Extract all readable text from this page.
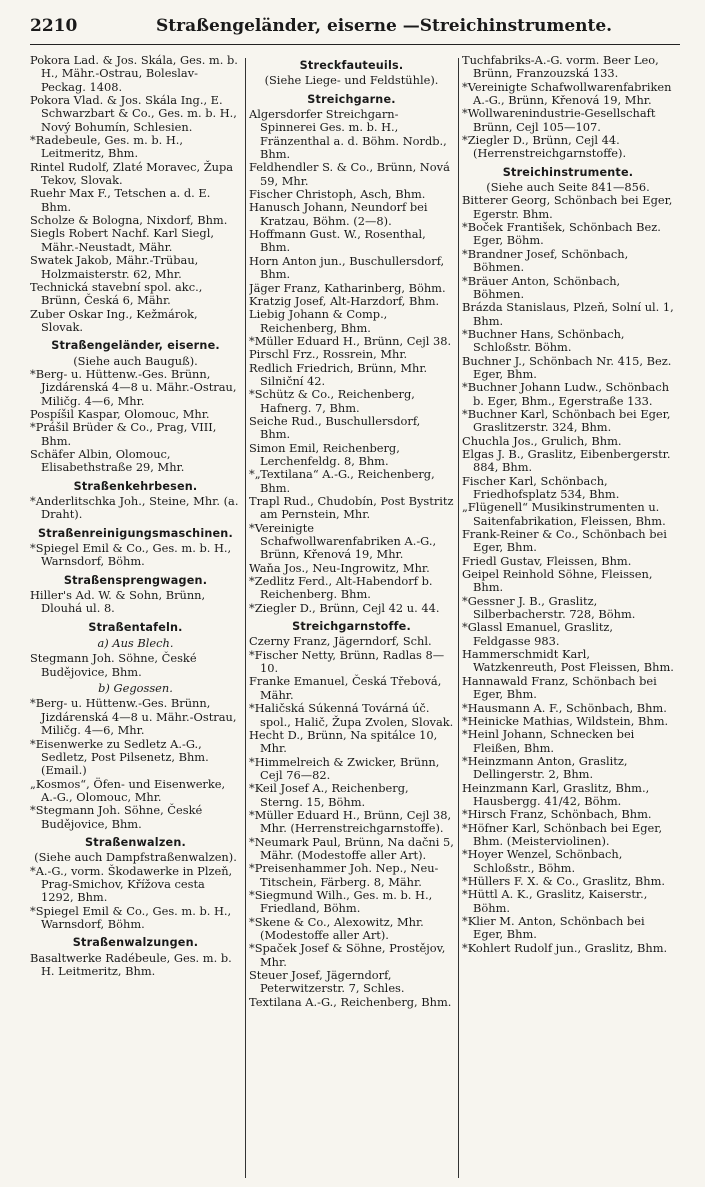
2210	Straßengeländer, eiserne —Streichinstrumente.
Pokora Lad. & Jos. Skála, Ges. m. b. H., Mähr.-Ostrau, Boleslav-Peckag. 1408.
Pokora Vlad. & Jos. Skála Ing., E. Schwarzbart & Co., Ges. m. b. H., Nový Bohumín, Schlesien.
*Radebeule, Ges. m. b. H., Leitmeritz, Bhm.
Rintel Rudolf, Zlaté Moravec, Župa Tekov, Slovak.
Ruehr Max F., Tetschen a. d. E. Bhm.
Scholze & Bologna, Nixdorf, Bhm.
Siegls Robert Nachf. Karl Siegl, Mähr.-Neustadt, Mähr.
Swatek Jakob, Mähr.-Trübau, Holzmaisterstr. 62, Mhr.
Technická stavební spol. akc., Brünn, Česká 6, Mähr.
Zuber Oskar Ing., Kežmárok, Slovak.
Straßengeländer, eiserne.
(Siehe auch Bauguß).
*Berg- u. Hüttenw.-Ges. Brünn, Jizdárenská 4—8 u. Mähr.-Ostrau, Miličg. 4—6, Mhr.
Pospíšil Kaspar, Olomouc, Mhr.
*Prášil Brüder & Co., Prag, VIII, Bhm.
Schäfer Albin, Olomouc, Elisabethstraße 29, Mhr.
Straßenkehrbesen.
*Anderlitschka Joh., Steine, Mhr. (a. Draht).
Straßenreinigungsmaschinen.
*Spiegel Emil & Co., Ges. m. b. H., Warnsdorf, Böhm.
Straßensprengwagen.
Hiller's Ad. W. & Sohn, Brünn, Dlouhá ul. 8.
Straßentafeln.
a) Aus Blech.
Stegmann Joh. Söhne, České Budějovice, Bhm.
b) Gegossen.
*Berg- u. Hüttenw.-Ges. Brünn, Jizdárenská 4—8 u. Mähr.-Ostrau, Miličg. 4—6, Mhr.
*Eisenwerke zu Sedletz A.-G., Sedletz, Post Pilsenetz, Bhm. (Email.)
„Kosmos“, Öfen- und Eisenwerke, A.-G., Olomouc, Mhr.
*Stegmann Joh. Söhne, České Budějovice, Bhm.
Straßenwalzen.
(Siehe auch Dampfstraßenwalzen).
*A.-G., vorm. Škodawerke in Plzeň, Prag-Smichov, Křížova cesta 1292, Bhm.
*Spiegel Emil & Co., Ges. m. b. H., Warnsdorf, Böhm.
Straßenwalzungen.
Basaltwerke Radébeule, Ges. m. b. H. Leitmeritz, Bhm.
Streckfauteuils.
(Siehe Liege- und Feldstühle).
Streichgarne.
Algersdorfer Streichgarn-Spinnerei Ges. m. b. H., Fränzenthal a. d. Böhm. Nordb., Bhm.
Feldhendler S. & Co., Brünn, Nová 59, Mhr.
Fischer Christoph, Asch, Bhm.
Hanusch Johann, Neundorf bei Kratzau, Böhm. (2—8).
Hoffmann Gust. W., Rosenthal, Bhm.
Horn Anton jun., Buschullersdorf, Bhm.
Jäger Franz, Katharinberg, Böhm.
Kratzig Josef, Alt-Harzdorf, Bhm.
Liebig Johann & Comp., Reichenberg, Bhm.
*Müller Eduard H., Brünn, Cejl 38.
Pirschl Frz., Rossrein, Mhr.
Redlich Friedrich, Brünn, Mhr. Silniční 42.
*Schütz & Co., Reichenberg, Hafnerg. 7, Bhm.
Seiche Rud., Buschullersdorf, Bhm.
Simon Emil, Reichenberg, Lerchenfeldg. 8, Bhm.
*„Textilana“ A.-G., Reichenberg, Bhm.
Trapl Rud., Chudobín, Post Bystritz am Pernstein, Mhr.
*Vereinigte Schafwollwarenfabriken A.-G., Brünn, Křenová 19, Mhr.
Waňa Jos., Neu-Ingrowitz, Mhr.
*Zedlitz Ferd., Alt-Habendorf b. Reichenberg. Bhm.
*Ziegler D., Brünn, Cejl 42 u. 44.
Streichgarnstoffe.
Czerny Franz, Jägerndorf, Schl.
*Fischer Netty, Brünn, Radlas 8—10.
Franke Emanuel, Česká Třebová, Mähr.
*Haličská Súkenná Továrná úč. spol., Halič, Župa Zvolen, Slovak.
Hecht D., Brünn, Na spitálce 10, Mhr.
*Himmelreich & Zwicker, Brünn, Cejl 76—82.
*Keil Josef A., Reichenberg, Sterng. 15, Böhm.
*Müller Eduard H., Brünn, Cejl 38, Mhr. (Herrenstreichgarnstoffe).
*Neumark Paul, Brünn, Na dačni 5, Mähr. (Modestoffe aller Art).
*Preisenhammer Joh. Nep., Neu-Titschein, Färberg. 8, Mähr.
*Siegmund Wilh., Ges. m. b. H., Friedland, Böhm.
*Skene & Co., Alexowitz, Mhr. (Modestoffe aller Art).
*Spaček Josef & Söhne, Prostějov, Mhr.
Steuer Josef, Jägerndorf, Peterwitzerstr. 7, Schles.
Textilana A.-G., Reichenberg, Bhm.
Tuchfabriks-A.-G. vorm. Beer Leo, Brünn, Franzouzská 133.
*Vereinigte Schafwollwarenfabriken A.-G., Brünn, Křenová 19, Mhr.
*Wollwarenindustrie-Gesellschaft Brünn, Cejl 105—107.
*Ziegler D., Brünn, Cejl 44. (Herrenstreichgarnstoffe).
Streichinstrumente.
(Siehe auch Seite 841—856.
Bitterer Georg, Schönbach bei Eger, Egerstr. Bhm.
*Boček František, Schönbach Bez. Eger, Böhm.
*Brandner Josef, Schönbach, Böhmen.
*Bräuer Anton, Schönbach, Böhmen.
Brázda Stanislaus, Plzeň, Solní ul. 1, Bhm.
*Buchner Hans, Schönbach, Schloßstr. Böhm.
Buchner J., Schönbach Nr. 415, Bez. Eger, Bhm.
*Buchner Johann Ludw., Schönbach b. Eger, Bhm., Egerstraße 133.
*Buchner Karl, Schönbach bei Eger, Graslitzerstr. 324, Bhm.
Chuchla Jos., Grulich, Bhm.
Elgas J. B., Graslitz, Eibenbergerstr. 884, Bhm.
Fischer Karl, Schönbach, Friedhofsplatz 534, Bhm.
„Flügenell“ Musikinstrumenten u. Saitenfabrikation, Fleissen, Bhm.
Frank-Reiner & Co., Schönbach bei Eger, Bhm.
Friedl Gustav, Fleissen, Bhm.
Geipel Reinhold Söhne, Fleissen, Bhm.
*Gessner J. B., Graslitz, Silberbacherstr. 728, Böhm.
*Glassl Emanuel, Graslitz, Feldgasse 983.
Hammerschmidt Karl, Watzkenreuth, Post Fleissen, Bhm.
Hannawald Franz, Schönbach bei Eger, Bhm.
*Hausmann A. F., Schönbach, Bhm.
*Heinicke Mathias, Wildstein, Bhm.
*Heinl Johann, Schnecken bei Fleißen, Bhm.
*Heinzmann Anton, Graslitz, Dellingerstr. 2, Bhm.
Heinzmann Karl, Graslitz, Bhm., Hausbergg. 41/42, Böhm.
*Hirsch Franz, Schönbach, Bhm.
*Höfner Karl, Schönbach bei Eger, Bhm. (Meisterviolinen).
*Hoyer Wenzel, Schönbach, Schloßstr., Böhm.
*Hüllers F. X. & Co., Graslitz, Bhm.
*Hüttl A. K., Graslitz, Kaiserstr., Böhm.
*Klier M. Anton, Schönbach bei Eger, Bhm.
*Kohlert Rudolf jun., Graslitz, Bhm.
